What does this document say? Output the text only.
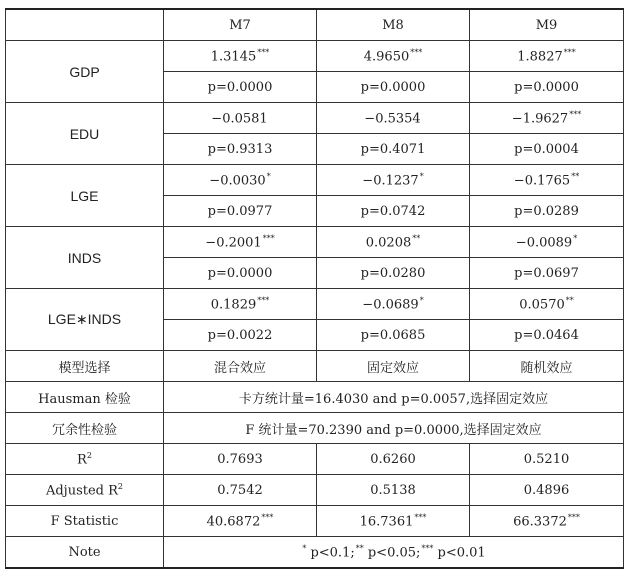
	M7	M8	M9
GDP	1.3145***	4.9650***	1.8827***
	p=0.0000	p=0.0000	p=0.0000
EDU	−0.0581	−0.5354	−1.9627***
	p=0.9313	p=0.4071	p=0.0004
LGE	−0.0030*	−0.1237*	−0.1765**
	p=0.0977	p=0.0742	p=0.0289
INDS	−0.2001***	0.0208**	−0.0089*
	p=0.0000	p=0.0280	p=0.0697
LGE∗INDS	0.1829***	−0.0689*	0.0570**
	p=0.0022	p=0.0685	p=0.0464
模型选择	混合效应	固定效应	随机效应
Hausman 检验	卡方统计量=16.4030 and p=0.0057,选择固定效应		
冗余性检验	F 统计量=70.2390 and p=0.0000,选择固定效应		
$R^2$	0.7693	0.6260	0.5210
Adjusted $R^2$	0.7542	0.5138	0.4896
F Statistic	40.6872***	16.7361***	66.3372***
Note	* p<0.1;** p<0.05;*** p<0.01		
